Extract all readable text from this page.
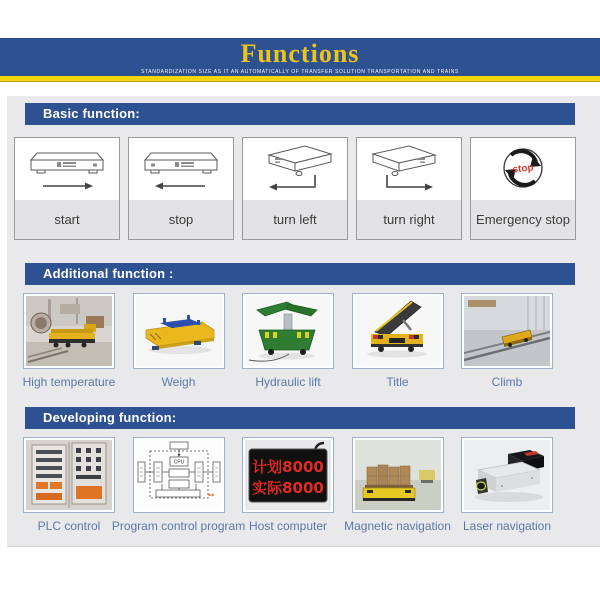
Functions
STANDARDIZATION SIZE AS IT AN AUTOMATICALLY OF TRANSFER SOLUTION TRANSPORTATION AND TRAINS
Basic function:
start	stop	turn left	turn right
stop
Emergency stop
Additional function :
High temperature	Weigh	Hydraulic lift	Title	Climb
Developing function:
PLC control
CPU
◆◆
Program control program
计划8000
实际8000
Host computer Magnetic navigation Laser navigation
